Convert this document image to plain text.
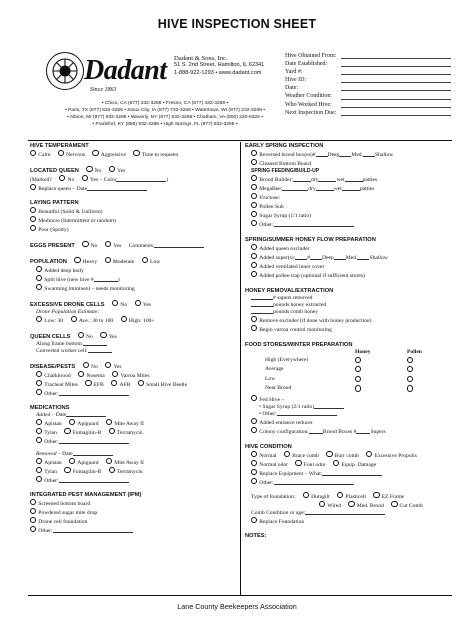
HIVE INSPECTION SHEET
Dadant
Since 1863
Dadant & Sons, Inc.
51 S. 2nd Street, Hamilton, IL 62341
1-888-922-1293 • www.dadant.com
• Chico, CA (877) 332-3268 • Fresno, CA (877) 432-3268 •
• Paris, TX (877) 632-3268 • Sioux City, IA (877) 732-3268 • Watertown, WI (877) 232-3268 •
• Albion, MI (877) 932-3268 • Waverly, NY (877) 532-3268 • Chatham, VA (800) 220-8325 •
• Frankfort, KY (888) 932-3268 • High Springs, FL (877) 832-3268 •
Hive Obtained From:
Date Established:
Yard #:
Hive ID:
Date:
Weather Condition:
Who Worked Hive:
Next Inspection Due:
HIVE TEMPERAMENT
Calm	Nervous	Aggressive	Time to requeen
LOCATED QUEEN	No	Yes
(Marked?	No	Yes – Color	)
Replace queen – Date
LAYING PATTERN
Beautiful (Solid & Uniform)
Mediocre (Intermittent or random)
Poor (Spotty)
EGGS PRESENT	No	Yes Comments:
POPULATION	Heavy	Moderate	Low
Added deep body
Split hive (new hive #	)
Swarming imminent – needs monitoring
EXCESSIVE DRONE CELLS	No	Yes
Drone Population Estimate:
Low: 30	Ave.: 30 to 100	High: 100+
QUEEN CELLS	No	Yes
Along frame bottom:
Converted worker cell:
DISEASE/PESTS	No	Yes
Chalkbrood	Nosema	Varroa Mites
Tracheal Mites	EFB	AFB	Small Hive Beetle
Other:
MEDICATIONS
Added – Date
Apistan	Apiguard	Mite Away II
Tylan	Fumagilin-B	Terramycin
Other:
Removed – Date
Apistan	Apiguard	Mite Away II
Tylan	Fumagilin-B	Terramycin
Other:
INTEGRATED PEST MANAGEMENT (IPM)
Screened bottom board
Powdered sugar mite drop
Drone cell foundation
Other:
EARLY SPRING INSPECTION
Reversed brood box(es)# Deep Med. Shallow
Cleaned Bottom Board
SPRING FEEDING/BUILD-UP
Brood Builder:	dry	wet	patties
MegaBee:	dry	wet	patties
Fructose:
Pollen Sub
Sugar Syrup (1/1 ratio)
Other:
SPRING/SUMMER HONEY FLOW PREPARATION
Added queen excluder
Added super(s): # Deep Med. Shallow
Added ventilated inner cover
Added pollen trap (optional if sufficient stores)
HONEY REMOVAL/EXTRACTION
# supers removed
pounds honey extracted
pounds comb honey
Remove excluder (if done with honey production)
Begin varroa control monitoring
FOOD STORES/WINTER PREPARATION
Honey	Pollen
High (Everywhere)
Average
Low
Near Brood
Fed Hive –
• Sugar Syrup (2/1 ratio)
• Other:
Added entrance reducer
Colony configuration:	Brood Boxes #	Supers
HIVE CONDITION
Normal	Brace comb	Burr comb	Excessive Propolis
Normal odor	Foul odor	Equip. Damage
Replace Equipment – What:
Other:
Type of foundation:	Duragilt	Plasticell	EZ Frame
Wired	Med. Brood	Cut Comb
Comb Condition or age:
Replace Foundation
NOTES:
Lane County Beekeepers Association
